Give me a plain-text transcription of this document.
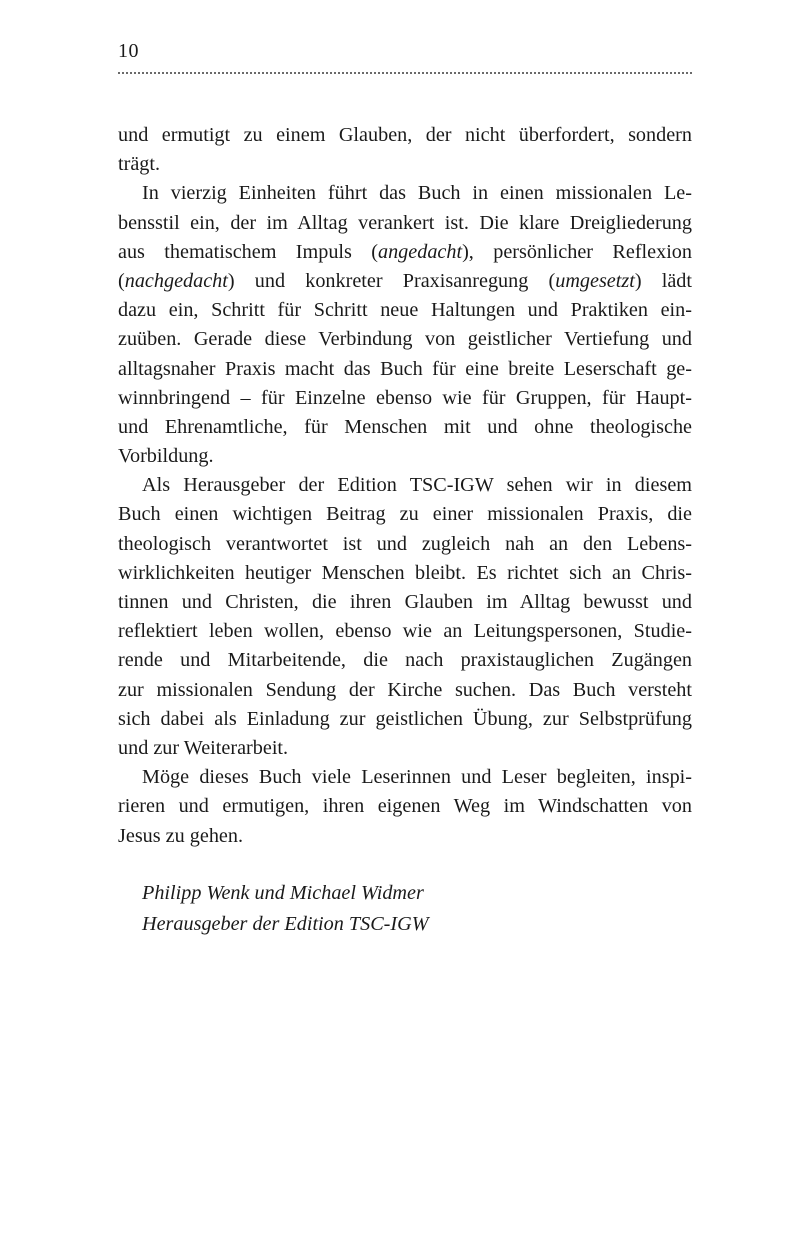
10
und ermutigt zu einem Glauben, der nicht überfordert, sondern
trägt.
In vierzig Einheiten führt das Buch in einen missionalen Le-
bensstil ein, der im Alltag verankert ist. Die klare Dreigliederung
aus thematischem Impuls (angedacht), persönlicher Reflexion
(nachgedacht) und konkreter Praxisanregung (umgesetzt) lädt
dazu ein, Schritt für Schritt neue Haltungen und Praktiken ein-
zuüben. Gerade diese Verbindung von geistlicher Vertiefung und
alltagsnaher Praxis macht das Buch für eine breite Leserschaft ge-
winnbringend – für Einzelne ebenso wie für Gruppen, für Haupt-
und Ehrenamtliche, für Menschen mit und ohne theologische
Vorbildung.
Als Herausgeber der Edition TSC-IGW sehen wir in diesem
Buch einen wichtigen Beitrag zu einer missionalen Praxis, die
theologisch verantwortet ist und zugleich nah an den Lebens-
wirklichkeiten heutiger Menschen bleibt. Es richtet sich an Chris-
tinnen und Christen, die ihren Glauben im Alltag bewusst und
reflektiert leben wollen, ebenso wie an Leitungspersonen, Studie-
rende und Mitarbeitende, die nach praxistauglichen Zugängen
zur missionalen Sendung der Kirche suchen. Das Buch versteht
sich dabei als Einladung zur geistlichen Übung, zur Selbstprüfung
und zur Weiterarbeit.
Möge dieses Buch viele Leserinnen und Leser begleiten, inspi-
rieren und ermutigen, ihren eigenen Weg im Windschatten von
Jesus zu gehen.
Philipp Wenk und Michael Widmer
Herausgeber der Edition TSC-IGW
